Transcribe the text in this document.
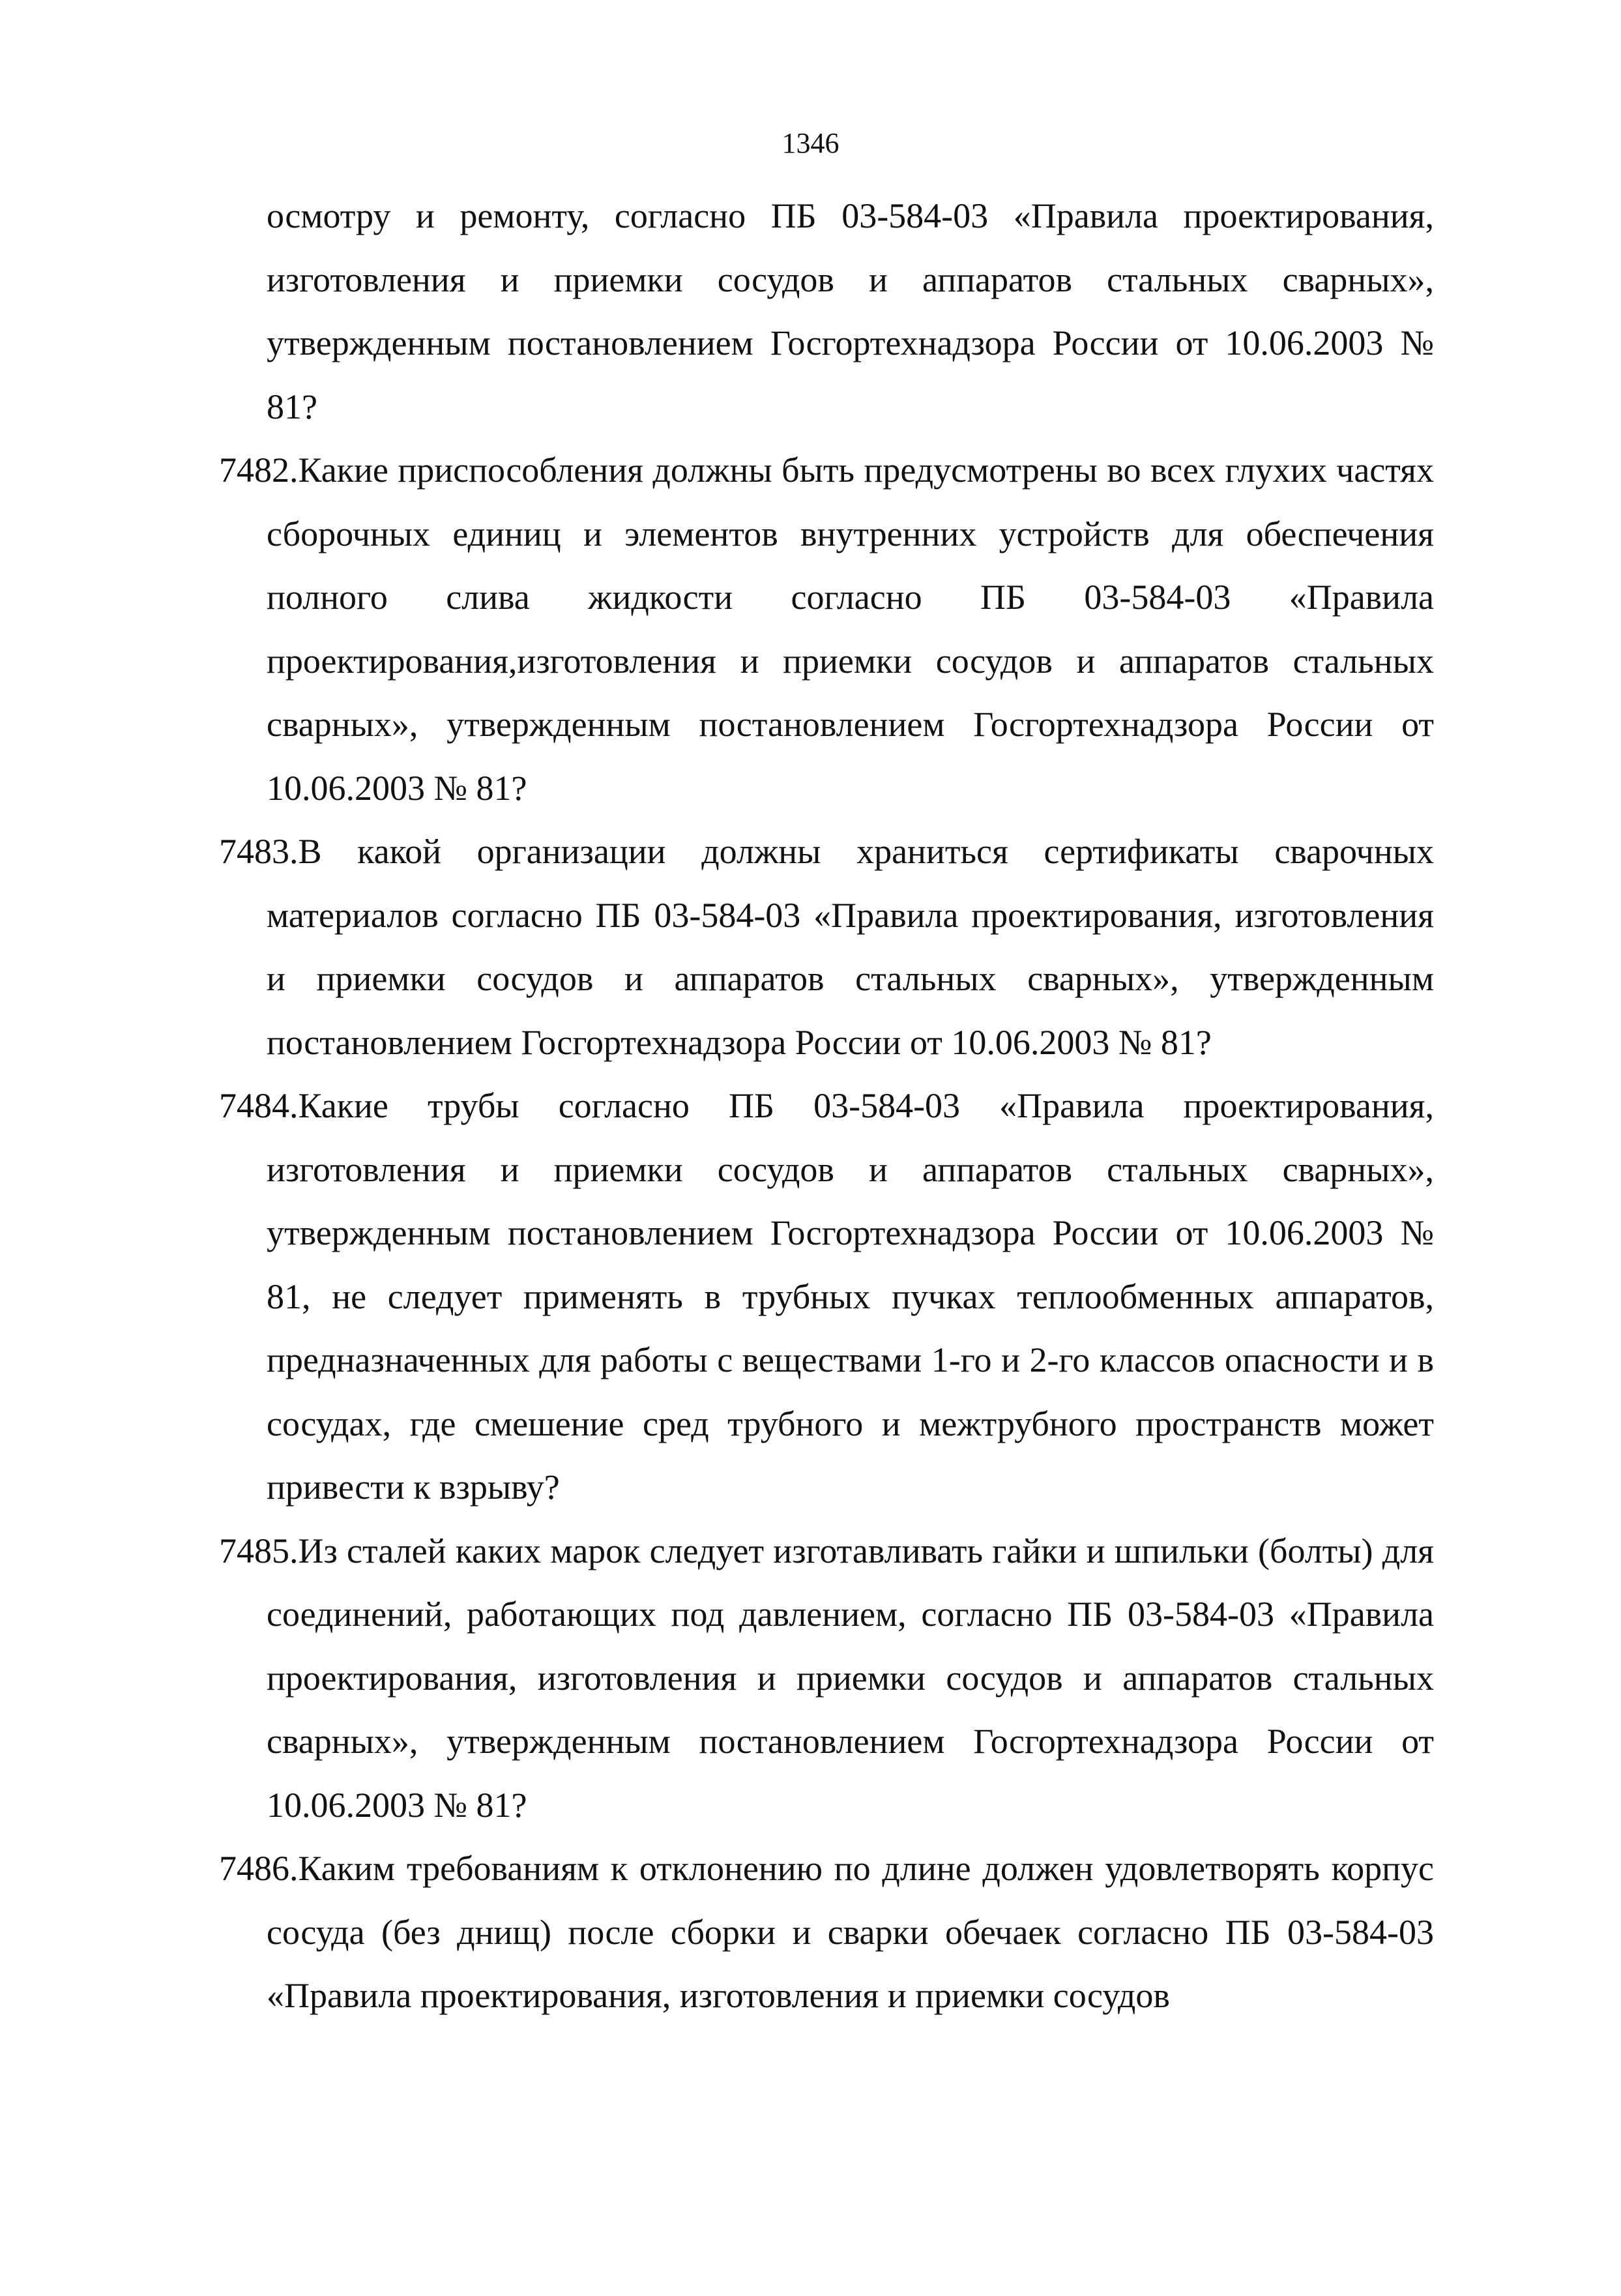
1346

осмотру и ремонту, согласно ПБ 03-584-03 «Правила проектирования, изготовления и приемки сосудов и аппаратов стальных сварных», утвержденным постановлением Госгортехнадзора России от 10.06.2003 № 81?

7482.Какие приспособления должны быть предусмотрены во всех глухих частях сборочных единиц и элементов внутренних устройств для обеспечения полного слива жидкости согласно ПБ 03-584-03 «Правила проектирования,изготовления и приемки сосудов и аппаратов стальных сварных», утвержденным постановлением Госгортехнадзора России от 10.06.2003 № 81?

7483.В какой организации должны храниться сертификаты сварочных материалов согласно ПБ 03-584-03 «Правила проектирования, изготовления и приемки сосудов и аппаратов стальных сварных», утвержденным постановлением Госгортехнадзора России от 10.06.2003 № 81?

7484.Какие трубы согласно ПБ 03-584-03 «Правила проектирования, изготовления и приемки сосудов и аппаратов стальных сварных», утвержденным постановлением Госгортехнадзора России от 10.06.2003 № 81, не следует применять в трубных пучках теплообменных аппаратов, предназначенных для работы с веществами 1-го и 2-го классов опасности и в сосудах, где смешение сред трубного и межтрубного пространств может привести к взрыву?

7485.Из сталей каких марок следует изготавливать гайки и шпильки (болты) для соединений, работающих под давлением, согласно ПБ 03-584-03 «Правила проектирования, изготовления и приемки сосудов и аппаратов стальных сварных», утвержденным постановлением Госгортехнадзора России от 10.06.2003 № 81?

7486.Каким требованиям к отклонению по длине должен удовлетворять корпус сосуда (без днищ) после сборки и сварки обечаек согласно ПБ 03-584-03 «Правила проектирования, изготовления и приемки сосудов
